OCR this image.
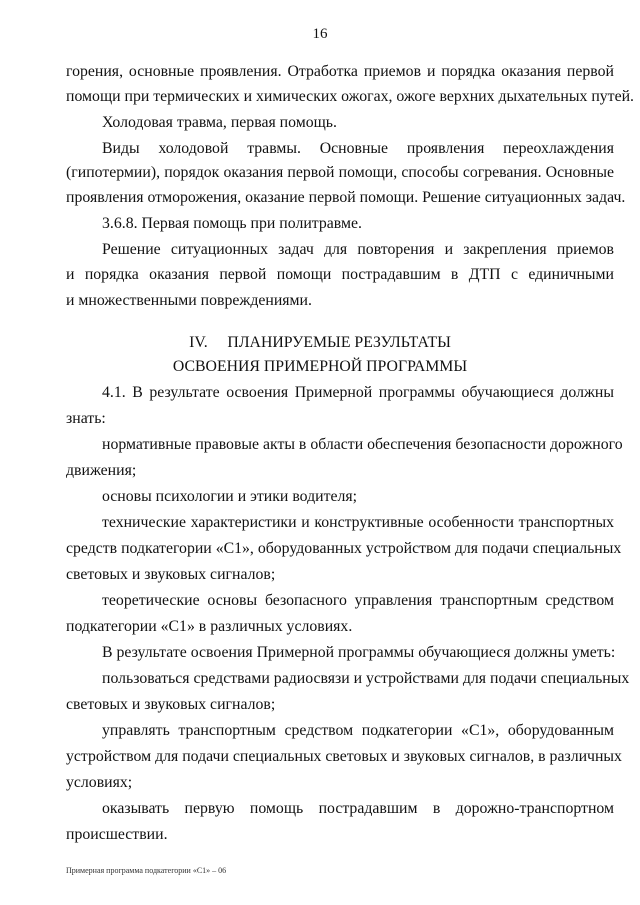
16
горения, основные проявления. Отработка приемов и порядка оказания первой
помощи при термических и химических ожогах, ожоге верхних дыхательных путей.
Холодовая травма, первая помощь.
Виды холодовой травмы. Основные проявления переохлаждения
(гипотермии), порядок оказания первой помощи, способы согревания. Основные
проявления отморожения, оказание первой помощи. Решение ситуационных задач.
3.6.8. Первая помощь при политравме.
Решение ситуационных задач для повторения и закрепления приемов
и порядка оказания первой помощи пострадавшим в ДТП с единичными
и множественными повреждениями.
IV.     ПЛАНИРУЕМЫЕ РЕЗУЛЬТАТЫ
ОСВОЕНИЯ ПРИМЕРНОЙ ПРОГРАММЫ
4.1. В результате освоения Примерной программы обучающиеся должны
знать:
нормативные правовые акты в области обеспечения безопасности дорожного
движения;
основы психологии и этики водителя;
технические характеристики и конструктивные особенности транспортных
средств подкатегории «C1», оборудованных устройством для подачи специальных
световых и звуковых сигналов;
теоретические основы безопасного управления транспортным средством
подкатегории «C1» в различных условиях.
В результате освоения Примерной программы обучающиеся должны уметь:
пользоваться средствами радиосвязи и устройствами для подачи специальных
световых и звуковых сигналов;
управлять транспортным средством подкатегории «C1», оборудованным
устройством для подачи специальных световых и звуковых сигналов, в различных
условиях;
оказывать первую помощь пострадавшим в дорожно-транспортном
происшествии.
Примерная программа подкатегории «C1» – 06
